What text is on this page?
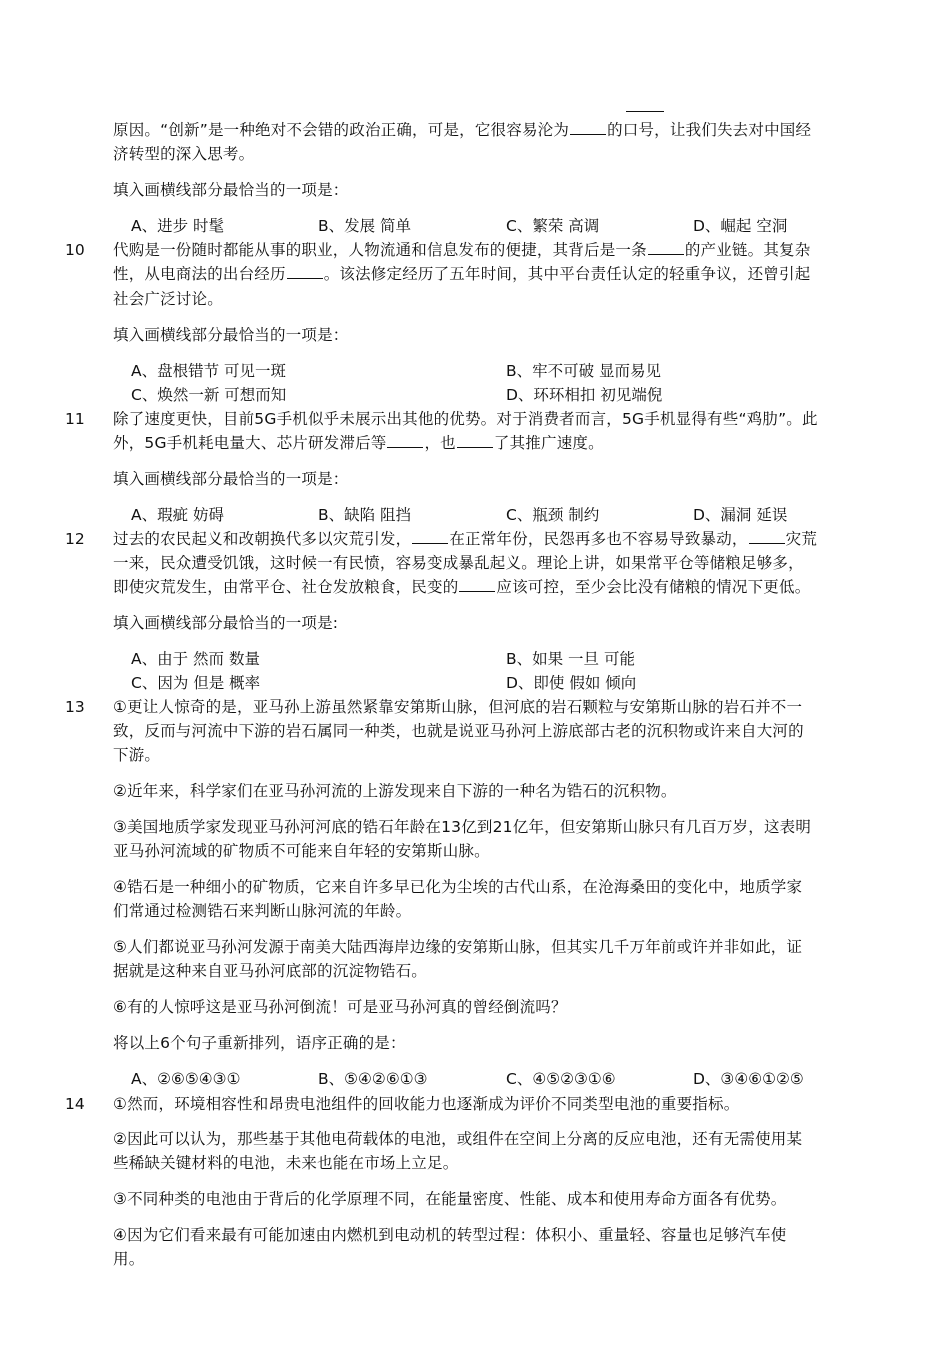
原因。“创新”是一种绝对不会错的政治正确，可是，它很容易沦为 的口号，让我们失去对中国经
济转型的深入思考。
填入画横线部分最恰当的一项是：
A、进步 时髦	B、发展 简单	C、繁荣 高调	D、崛起 空洞
10 代购是一份随时都能从事的职业，人物流通和信息发布的便捷，其背后是一条 的产业链。其复杂
性，从电商法的出台经历 。该法修定经历了五年时间，其中平台责任认定的轻重争议，还曾引起
社会广泛讨论。
填入画横线部分最恰当的一项是：
A、盘根错节 可见一斑	B、牢不可破 显而易见
C、焕然一新 可想而知	D、环环相扣 初见端倪
11 除了速度更快，目前5G手机似乎未展示出其他的优势。对于消费者而言，5G手机显得有些“鸡肋”。此
外，5G手机耗电量大、芯片研发滞后等 ，也 了其推广速度。
填入画横线部分最恰当的一项是：
A、瑕疵 妨碍	B、缺陷 阻挡	C、瓶颈 制约	D、漏洞 延误
12 过去的农民起义和改朝换代多以灾荒引发， 在正常年份，民怨再多也不容易导致暴动， 灾荒
一来，民众遭受饥饿，这时候一有民愤，容易变成暴乱起义。理论上讲，如果常平仓等储粮足够多，
即使灾荒发生，由常平仓、社仓发放粮食，民变的 应该可控，至少会比没有储粮的情况下更低。
填入画横线部分最恰当的一项是:
A、由于 然而 数量	B、如果 一旦 可能
C、因为 但是 概率	D、即使 假如 倾向
13 ①更让人惊奇的是，亚马孙上游虽然紧靠安第斯山脉，但河底的岩石颗粒与安第斯山脉的岩石并不一
致，反而与河流中下游的岩石属同一种类，也就是说亚马孙河上游底部古老的沉积物或许来自大河的
下游。
②近年来，科学家们在亚马孙河流的上游发现来自下游的一种名为锆石的沉积物。
③美国地质学家发现亚马孙河河底的锆石年龄在13亿到21亿年，但安第斯山脉只有几百万岁，这表明
亚马孙河流域的矿物质不可能来自年轻的安第斯山脉。
④锆石是一种细小的矿物质，它来自许多早已化为尘埃的古代山系，在沧海桑田的变化中，地质学家
们常通过检测锆石来判断山脉河流的年龄。
⑤人们都说亚马孙河发源于南美大陆西海岸边缘的安第斯山脉，但其实几千万年前或许并非如此，证
据就是这种来自亚马孙河底部的沉淀物锆石。
⑥有的人惊呼这是亚马孙河倒流！可是亚马孙河真的曾经倒流吗？
将以上6个句子重新排列，语序正确的是：
A、②⑥⑤④③①	B、⑤④②⑥①③	C、④⑤②③①⑥	D、③④⑥①②⑤
14 ①然而，环境相容性和昂贵电池组件的回收能力也逐渐成为评价不同类型电池的重要指标。
②因此可以认为，那些基于其他电荷载体的电池，或组件在空间上分离的反应电池，还有无需使用某
些稀缺关键材料的电池，未来也能在市场上立足。
③不同种类的电池由于背后的化学原理不同，在能量密度、性能、成本和使用寿命方面各有优势。
④因为它们看来最有可能加速由内燃机到电动机的转型过程：体积小、重量轻、容量也足够汽车使
用。
